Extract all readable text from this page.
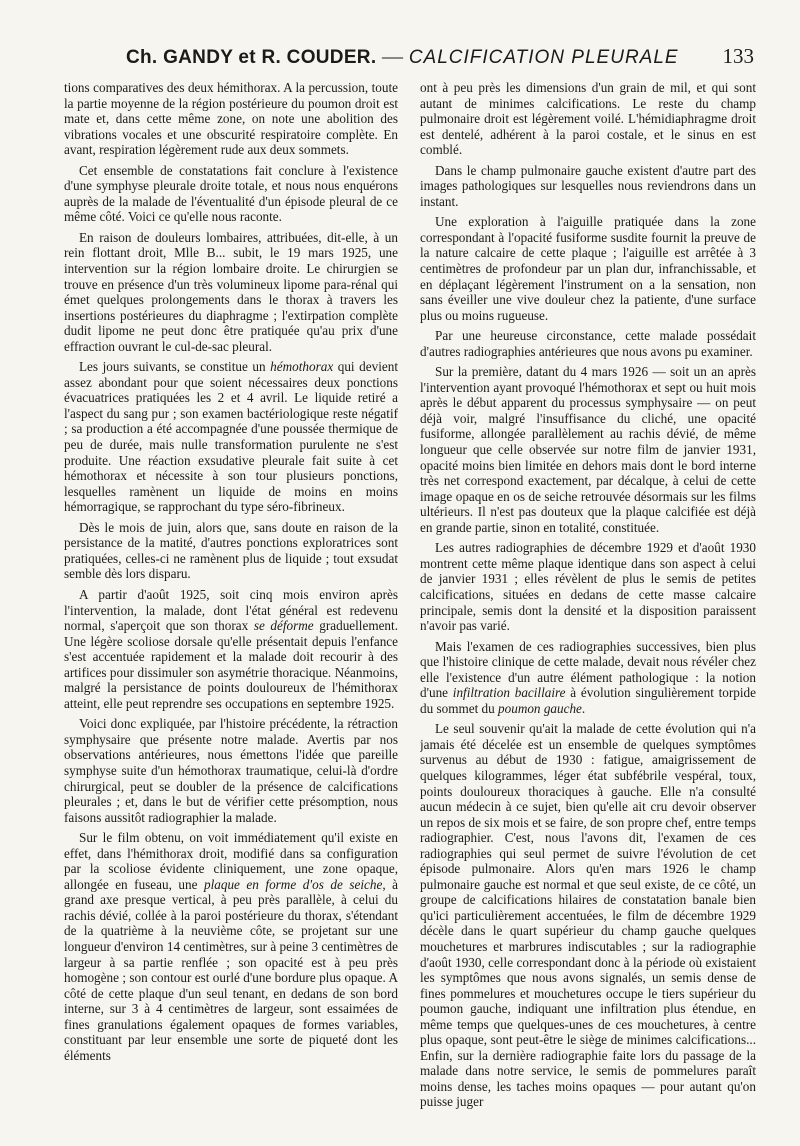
Ch. GANDY et R. COUDER. — CALCIFICATION PLEURALE 133

tions comparatives des deux hémithorax. A la percussion, toute la partie moyenne de la région postérieure du poumon droit est mate et, dans cette même zone, on note une abolition des vibrations vocales et une obscurité respiratoire complète. En avant, respiration légèrement rude aux deux sommets.

Cet ensemble de constatations fait conclure à l'existence d'une symphyse pleurale droite totale, et nous nous enquérons auprès de la malade de l'éventualité d'un épisode pleural de ce même côté. Voici ce qu'elle nous raconte.

En raison de douleurs lombaires, attribuées, dit-elle, à un rein flottant droit, Mlle B... subit, le 19 mars 1925, une intervention sur la région lombaire droite. Le chirurgien se trouve en présence d'un très volumineux lipome para-rénal qui émet quelques prolongements dans le thorax à travers les insertions postérieures du diaphragme ; l'extirpation complète dudit lipome ne peut donc être pratiquée qu'au prix d'une effraction ouvrant le cul-de-sac pleural.

Les jours suivants, se constitue un hémothorax qui devient assez abondant pour que soient nécessaires deux ponctions évacuatrices pratiquées les 2 et 4 avril. Le liquide retiré a l'aspect du sang pur ; son examen bactériologique reste négatif ; sa production a été accompagnée d'une poussée thermique de peu de durée, mais nulle transformation purulente ne s'est produite. Une réaction exsudative pleurale fait suite à cet hémothorax et nécessite à son tour plusieurs ponctions, lesquelles ramènent un liquide de moins en moins hémorragique, se rapprochant du type séro-fibrineux.

Dès le mois de juin, alors que, sans doute en raison de la persistance de la matité, d'autres ponctions exploratrices sont pratiquées, celles-ci ne ramènent plus de liquide ; tout exsudat semble dès lors disparu.

A partir d'août 1925, soit cinq mois environ après l'intervention, la malade, dont l'état général est redevenu normal, s'aperçoit que son thorax se déforme graduellement. Une légère scoliose dorsale qu'elle présentait depuis l'enfance s'est accentuée rapidement et la malade doit recourir à des artifices pour dissimuler son asymétrie thoracique. Néanmoins, malgré la persistance de points douloureux de l'hémithorax atteint, elle peut reprendre ses occupations en septembre 1925.

Voici donc expliquée, par l'histoire précédente, la rétraction symphysaire que présente notre malade. Avertis par nos observations antérieures, nous émettons l'idée que pareille symphyse suite d'un hémothorax traumatique, celui-là d'ordre chirurgical, peut se doubler de la présence de calcifications pleurales ; et, dans le but de vérifier cette présomption, nous faisons aussitôt radiographier la malade.

Sur le film obtenu, on voit immédiatement qu'il existe en effet, dans l'hémithorax droit, modifié dans sa configuration par la scoliose évidente cliniquement, une zone opaque, allongée en fuseau, une plaque en forme d'os de seiche, à grand axe presque vertical, à peu près parallèle, à celui du rachis dévié, collée à la paroi postérieure du thorax, s'étendant de la quatrième à la neuvième côte, se projetant sur une longueur d'environ 14 centimètres, sur à peine 3 centimètres de largeur à sa partie renflée ; son opacité est à peu près homogène ; son contour est ourlé d'une bordure plus opaque. A côté de cette plaque d'un seul tenant, en dedans de son bord interne, sur 3 à 4 centimètres de largeur, sont essaimées de fines granulations également opaques de formes variables, constituant par leur ensemble une sorte de piqueté dont les éléments

ont à peu près les dimensions d'un grain de mil, et qui sont autant de minimes calcifications. Le reste du champ pulmonaire droit est légèrement voilé. L'hémidiaphragme droit est dentelé, adhérent à la paroi costale, et le sinus en est comblé.

Dans le champ pulmonaire gauche existent d'autre part des images pathologiques sur lesquelles nous reviendrons dans un instant.

Une exploration à l'aiguille pratiquée dans la zone correspondant à l'opacité fusiforme susdite fournit la preuve de la nature calcaire de cette plaque ; l'aiguille est arrêtée à 3 centimètres de profondeur par un plan dur, infranchissable, et en déplaçant légèrement l'instrument on a la sensation, non sans éveiller une vive douleur chez la patiente, d'une surface plus ou moins rugueuse.

Par une heureuse circonstance, cette malade possédait d'autres radiographies antérieures que nous avons pu examiner.

Sur la première, datant du 4 mars 1926 — soit un an après l'intervention ayant provoqué l'hémothorax et sept ou huit mois après le début apparent du processus symphysaire — on peut déjà voir, malgré l'insuffisance du cliché, une opacité fusiforme, allongée parallèlement au rachis dévié, de même longueur que celle observée sur notre film de janvier 1931, opacité moins bien limitée en dehors mais dont le bord interne très net correspond exactement, par décalque, à celui de cette image opaque en os de seiche retrouvée désormais sur les films ultérieurs. Il n'est pas douteux que la plaque calcifiée est déjà en grande partie, sinon en totalité, constituée.

Les autres radiographies de décembre 1929 et d'août 1930 montrent cette même plaque identique dans son aspect à celui de janvier 1931 ; elles révèlent de plus le semis de petites calcifications, situées en dedans de cette masse calcaire principale, semis dont la densité et la disposition paraissent n'avoir pas varié.

Mais l'examen de ces radiographies successives, bien plus que l'histoire clinique de cette malade, devait nous révéler chez elle l'existence d'un autre élément pathologique : la notion d'une infiltration bacillaire à évolution singulièrement torpide du sommet du poumon gauche.

Le seul souvenir qu'ait la malade de cette évolution qui n'a jamais été décelée est un ensemble de quelques symptômes survenus au début de 1930 : fatigue, amaigrissement de quelques kilogrammes, léger état subfébrile vespéral, toux, points douloureux thoraciques à gauche. Elle n'a consulté aucun médecin à ce sujet, bien qu'elle ait cru devoir observer un repos de six mois et se faire, de son propre chef, entre temps radiographier. C'est, nous l'avons dit, l'examen de ces radiographies qui seul permet de suivre l'évolution de cet épisode pulmonaire. Alors qu'en mars 1926 le champ pulmonaire gauche est normal et que seul existe, de ce côté, un groupe de calcifications hilaires de constatation banale bien qu'ici particulièrement accentuées, le film de décembre 1929 décèle dans le quart supérieur du champ gauche quelques mouchetures et marbrures indiscutables ; sur la radiographie d'août 1930, celle correspondant donc à la période où existaient les symptômes que nous avons signalés, un semis dense de fines pommelures et mouchetures occupe le tiers supérieur du poumon gauche, indiquant une infiltration plus étendue, en même temps que quelques-unes de ces mouchetures, à centre plus opaque, sont peut-être le siège de minimes calcifications... Enfin, sur la dernière radiographie faite lors du passage de la malade dans notre service, le semis de pommelures paraît moins dense, les taches moins opaques — pour autant qu'on puisse juger
